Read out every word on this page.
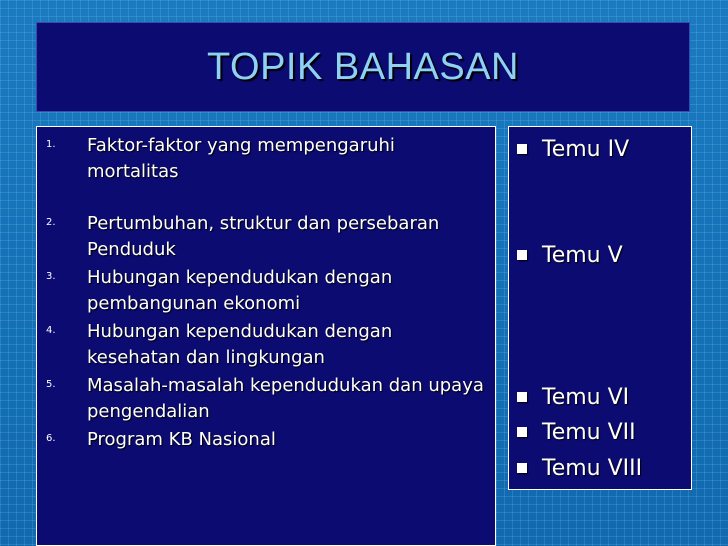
TOPIK BAHASAN
1. Faktor-faktor yang mempengaruhi mortalitas
2. Pertumbuhan, struktur dan persebaran Penduduk
3. Hubungan kependudukan dengan pembangunan ekonomi
4. Hubungan kependudukan dengan kesehatan dan lingkungan
5. Masalah-masalah kependudukan dan upaya pengendalian
6. Program KB Nasional
Temu IV
Temu V
Temu VI
Temu VII
Temu VIII
